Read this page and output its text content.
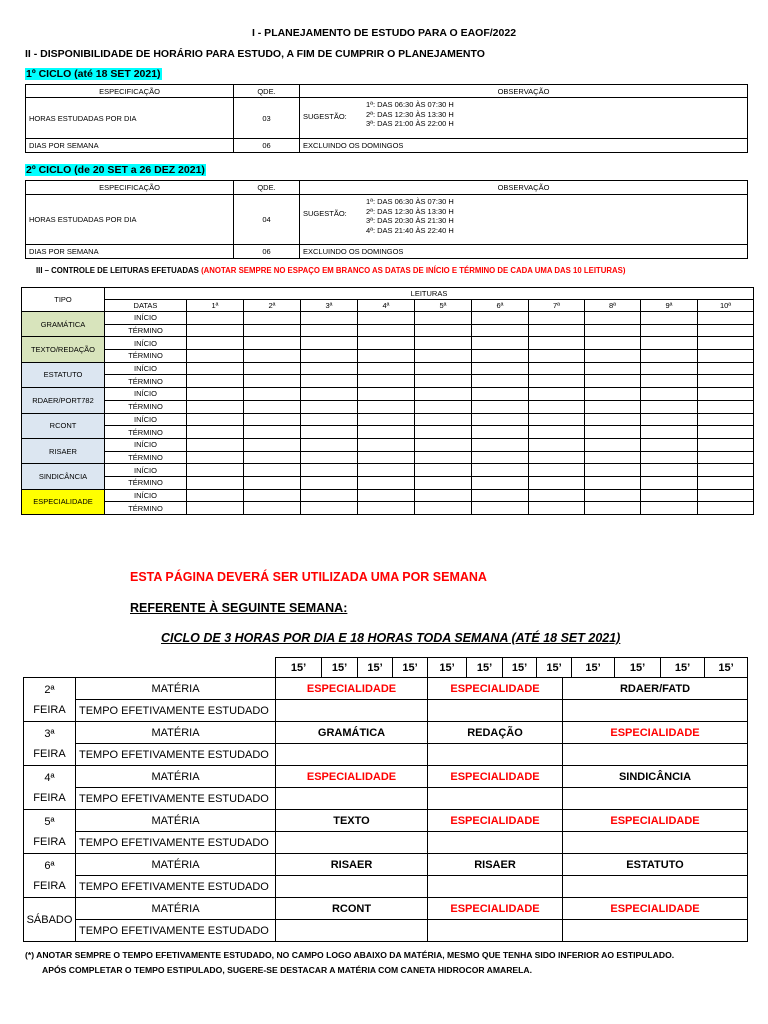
I - PLANEJAMENTO DE ESTUDO PARA O EAOF/2022
II - DISPONIBILIDADE DE HORÁRIO PARA ESTUDO, A FIM DE CUMPRIR O PLANEJAMENTO
1º CICLO (até 18 SET 2021)
ESPECIFICAÇÃO	QDE.	OBSERVAÇÃO
HORAS ESTUDADAS POR DIA	03	SUGESTÃO:
1ª: DAS 06:30 ÀS 07:30 H
2ª: DAS 12:30 ÀS 13:30 H
3ª: DAS 21:00 ÀS 22:00 H

DIAS POR SEMANA	06	EXCLUINDO OS DOMINGOS
2º CICLO (de 20 SET a 26 DEZ 2021)
ESPECIFICAÇÃO	QDE.	OBSERVAÇÃO
HORAS ESTUDADAS POR DIA	04	SUGESTÃO:
1ª: DAS 06:30 ÀS 07:30 H
2ª: DAS 12:30 ÀS 13:30 H
3ª: DAS 20:30 ÀS 21:30 H
4ª: DAS 21:40 ÀS 22:40 H

DIAS POR SEMANA	06	EXCLUINDO OS DOMINGOS
III – CONTROLE DE LEITURAS EFETUADAS (ANOTAR SEMPRE NO ESPAÇO EM BRANCO AS DATAS DE INÍCIO E TÉRMINO DE CADA UMA DAS 10 LEITURAS)
TIPO	LEITURAS										
	DATAS	1ª	2ª	3ª	4ª	5ª	6ª	7ª	8ª	9ª	10ª
GRAMÁTICA	INÍCIO										
	TÉRMINO										
TEXTO/REDAÇÃO	INÍCIO										
	TÉRMINO										
ESTATUTO	INÍCIO										
	TÉRMINO										
RDAER/PORT782	INÍCIO										
	TÉRMINO										
RCONT	INÍCIO										
	TÉRMINO										
RISAER	INÍCIO										
	TÉRMINO										
SINDICÂNCIA	INÍCIO										
	TÉRMINO										
ESPECIALIDADE	INÍCIO										
	TÉRMINO										
ESTA PÁGINA DEVERÁ SER UTILIZADA UMA POR SEMANA
REFERENTE À SEGUINTE SEMANA:
CICLO DE 3 HORAS POR DIA E 18 HORAS TODA SEMANA (ATÉ 18 SET 2021)
15’	15’	15’	15’	15’	15’	15’	15’	15’	15’	15’	15’
2ª
FEIRA	MATÉRIA	ESPECIALIDADE	ESPECIALIDADE	RDAER/FATD
	TEMPO EFETIVAMENTE ESTUDADO			

3ª
FEIRA	MATÉRIA	GRAMÁTICA	REDAÇÃO	ESPECIALIDADE
	TEMPO EFETIVAMENTE ESTUDADO			

4ª
FEIRA	MATÉRIA	ESPECIALIDADE	ESPECIALIDADE	SINDICÂNCIA
	TEMPO EFETIVAMENTE ESTUDADO			

5ª
FEIRA	MATÉRIA	TEXTO	ESPECIALIDADE	ESPECIALIDADE
	TEMPO EFETIVAMENTE ESTUDADO			

6ª
FEIRA	MATÉRIA	RISAER	RISAER	ESTATUTO
	TEMPO EFETIVAMENTE ESTUDADO			

SÁBADO	MATÉRIA	RCONT	ESPECIALIDADE	ESPECIALIDADE
	TEMPO EFETIVAMENTE ESTUDADO			
(*) ANOTAR SEMPRE O TEMPO EFETIVAMENTE ESTUDADO, NO CAMPO LOGO ABAIXO DA MATÉRIA, MESMO QUE TENHA SIDO INFERIOR AO ESTIPULADO.
APÓS COMPLETAR O TEMPO ESTIPULADO, SUGERE-SE DESTACAR A MATÉRIA COM CANETA HIDROCOR AMARELA.
